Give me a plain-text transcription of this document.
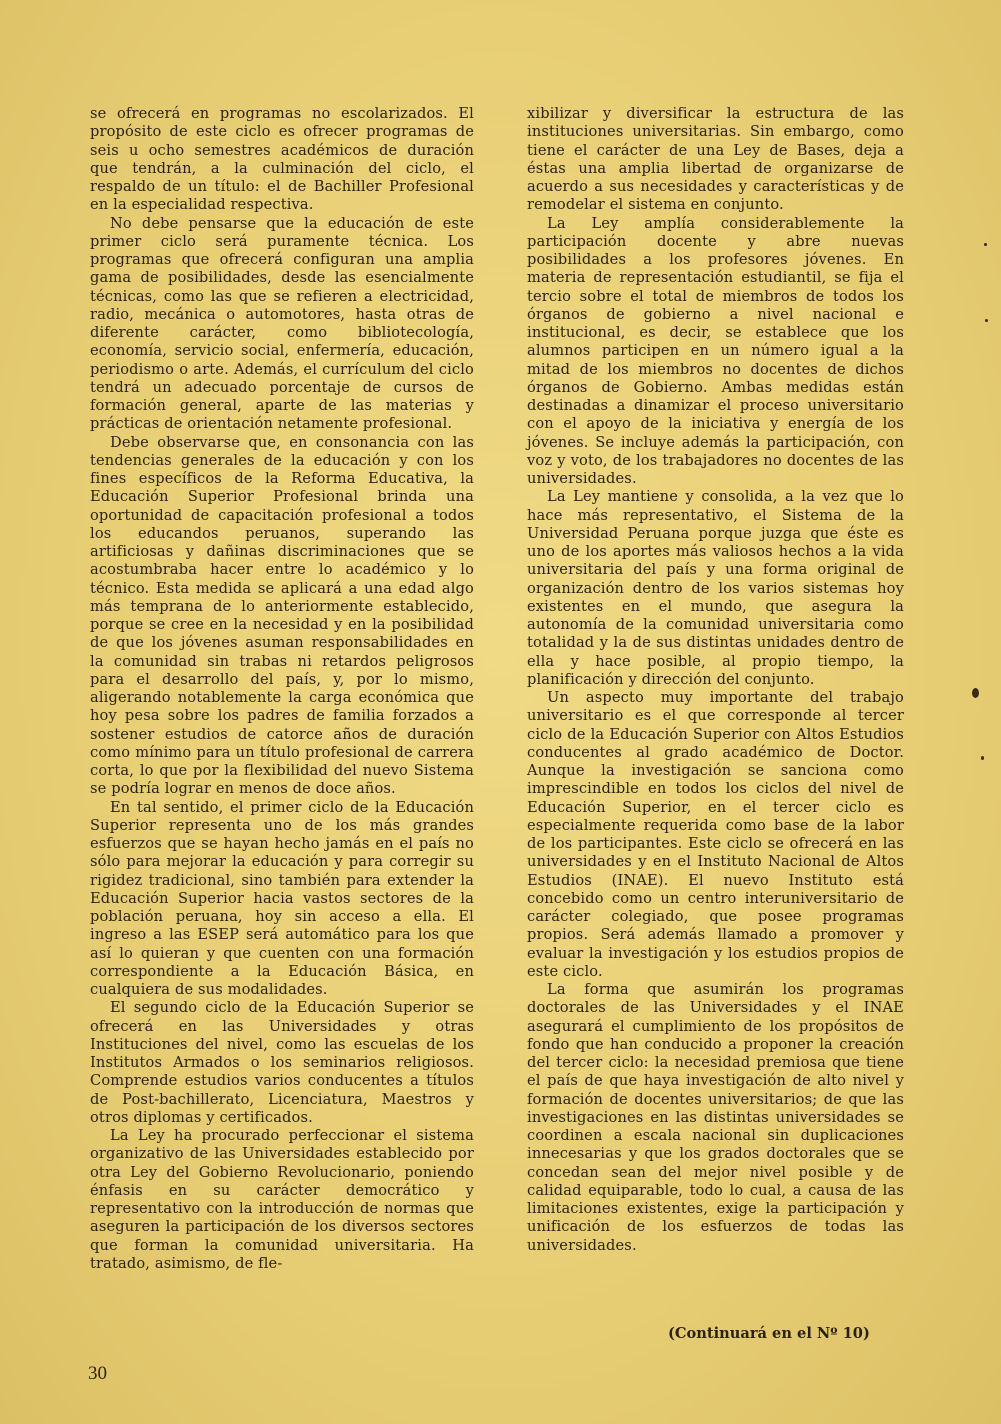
se ofrecerá en programas no escolarizados. El propósito de este ciclo es ofrecer programas de seis u ocho semestres académicos de duración que tendrán, a la culminación del ciclo, el respaldo de un título: el de Bachiller Profesional en la especialidad respectiva.

No debe pensarse que la educación de este primer ciclo será puramente técnica. Los programas que ofrecerá configuran una amplia gama de posibilidades, desde las esencialmente técnicas, como las que se refieren a electricidad, radio, mecánica o automotores, hasta otras de diferente carácter, como bibliotecología, economía, servicio social, enfermería, educación, periodismo o arte. Además, el currículum del ciclo tendrá un adecuado porcentaje de cursos de formación general, aparte de las materias y prácticas de orientación netamente profesional.

Debe observarse que, en consonancia con las tendencias generales de la educación y con los fines específicos de la Reforma Educativa, la Educación Superior Profesional brinda una oportunidad de capacitación profesional a todos los educandos peruanos, superando las artificiosas y dañinas discriminaciones que se acostumbraba hacer entre lo académico y lo técnico. Esta medida se aplicará a una edad algo más temprana de lo anteriormente establecido, porque se cree en la necesidad y en la posibilidad de que los jóvenes asuman responsabilidades en la comunidad sin trabas ni retardos peligrosos para el desarrollo del país, y, por lo mismo, aligerando notablemente la carga económica que hoy pesa sobre los padres de familia forzados a sostener estudios de catorce años de duración como mínimo para un título profesional de carrera corta, lo que por la flexibilidad del nuevo Sistema se podría lograr en menos de doce años.

En tal sentido, el primer ciclo de la Educación Superior representa uno de los más grandes esfuerzos que se hayan hecho jamás en el país no sólo para mejorar la educación y para corregir su rigidez tradicional, sino también para extender la Educación Superior hacia vastos sectores de la población peruana, hoy sin acceso a ella. El ingreso a las ESEP será automático para los que así lo quieran y que cuenten con una formación correspondiente a la Educación Básica, en cualquiera de sus modalidades.

El segundo ciclo de la Educación Superior se ofrecerá en las Universidades y otras Instituciones del nivel, como las escuelas de los Institutos Armados o los seminarios religiosos. Comprende estudios varios conducentes a títulos de Post-bachillerato, Licenciatura, Maestros y otros diplomas y certificados.

La Ley ha procurado perfeccionar el sistema organizativo de las Universidades establecido por otra Ley del Gobierno Revolucionario, poniendo énfasis en su carácter democrático y representativo con la introducción de normas que aseguren la participación de los diversos sectores que forman la comunidad universitaria. Ha tratado, asimismo, de fle-

xibilizar y diversificar la estructura de las instituciones universitarias. Sin embargo, como tiene el carácter de una Ley de Bases, deja a éstas una amplia libertad de organizarse de acuerdo a sus necesidades y características y de remodelar el sistema en conjunto.

La Ley amplía considerablemente la participación docente y abre nuevas posibilidades a los profesores jóvenes. En materia de representación estudiantil, se fija el tercio sobre el total de miembros de todos los órganos de gobierno a nivel nacional e institucional, es decir, se establece que los alumnos participen en un número igual a la mitad de los miembros no docentes de dichos órganos de Gobierno. Ambas medidas están destinadas a dinamizar el proceso universitario con el apoyo de la iniciativa y energía de los jóvenes. Se incluye además la participación, con voz y voto, de los trabajadores no docentes de las universidades.

La Ley mantiene y consolida, a la vez que lo hace más representativo, el Sistema de la Universidad Peruana porque juzga que éste es uno de los aportes más valiosos hechos a la vida universitaria del país y una forma original de organización dentro de los varios sistemas hoy existentes en el mundo, que asegura la autonomía de la comunidad universitaria como totalidad y la de sus distintas unidades dentro de ella y hace posible, al propio tiempo, la planificación y dirección del conjunto.

Un aspecto muy importante del trabajo universitario es el que corresponde al tercer ciclo de la Educación Superior con Altos Estudios conducentes al grado académico de Doctor. Aunque la investigación se sanciona como imprescindible en todos los ciclos del nivel de Educación Superior, en el tercer ciclo es especialmente requerida como base de la labor de los participantes. Este ciclo se ofrecerá en las universidades y en el Instituto Nacional de Altos Estudios (INAE). El nuevo Instituto está concebido como un centro interuniversitario de carácter colegiado, que posee programas propios. Será además llamado a promover y evaluar la investigación y los estudios propios de este ciclo.

La forma que asumirán los programas doctorales de las Universidades y el INAE asegurará el cumplimiento de los propósitos de fondo que han conducido a proponer la creación del tercer ciclo: la necesidad premiosa que tiene el país de que haya investigación de alto nivel y formación de docentes universitarios; de que las investigaciones en las distintas universidades se coordinen a escala nacional sin duplicaciones innecesarias y que los grados doctorales que se concedan sean del mejor nivel posible y de calidad equiparable, todo lo cual, a causa de las limitaciones existentes, exige la participación y unificación de los esfuerzos de todas las universidades.

(Continuará en el Nº 10)
30
